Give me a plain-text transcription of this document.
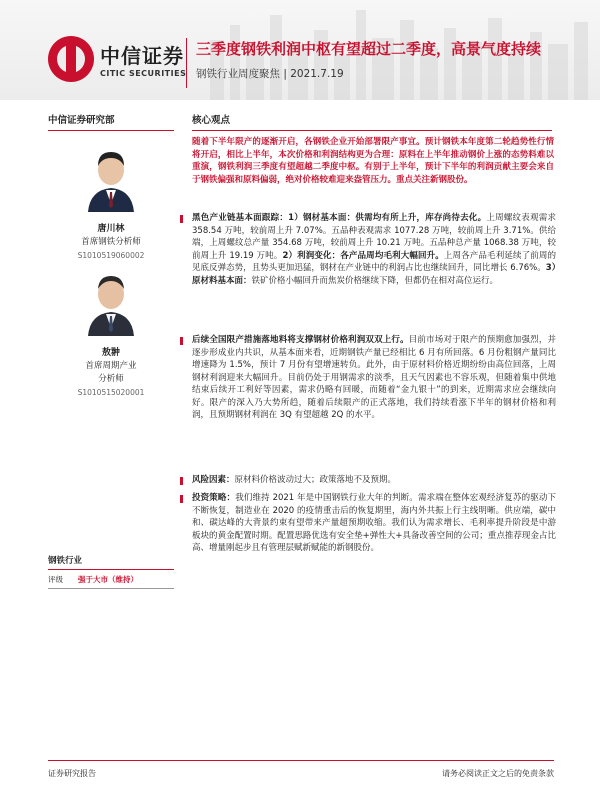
中信证券
CITIC SECURITIES
三季度钢铁利润中枢有望超过二季度，高景气度持续
钢铁行业周度聚焦 | 2021.7.19
中信证券研究部
唐川林
首席钢铁分析师
S1010519060002
敖翀
首席周期产业
分析师
S1010515020001
钢铁行业
评级	强于大市（维持）
核心观点
随着下半年限产的逐渐开启，各钢铁企业开始部署限产事宜。预计钢铁本年度第二轮趋势性行情将开启，相比上半年，本次价格和利润结构更为合理：原料在上半年推动钢价上涨的态势料难以重演，钢铁利润三季度有望超越二季度中枢。有别于上半年，预计下半年的利润贡献主要会来自于钢铁偏强和原料偏弱，绝对价格较难迎来盎管压力。重点关注新钢股份。
黑色产业链基本面跟踪：1）钢材基本面：供需均有所上升，库存尚待去化。上周螺纹表观需求 358.54 万吨，较前周上升 7.07%。五品种表观需求 1077.28 万吨，较前周上升 3.71%。供给端，上周螺纹总产量 354.68 万吨，较前周上升 10.21 万吨。五品种总产量 1068.38 万吨，较前周上升 19.19 万吨。2）利润变化：各产品周均毛利大幅回升。上周各产品毛利延续了前周的见底反弹态势，且势头更加迅猛，钢材在产业链中的利润占比也继续回升，同比增长 6.76%。3）原材料基本面：铁矿价格小幅回升而焦炭价格继续下降，但都仍在相对高位运行。
后续全国限产措施落地料将支撑钢材价格利润双双上行。目前市场对于限产的预期愈加强烈，并逐步形成业内共识，从基本面来看，近期钢铁产量已经相比 6 月有所回落。6 月份粗钢产量同比增速降为 1.5%，预计 7 月份有望增速转负。此外，由于原材料价格近期纷纷由高位回落，上周钢材利润迎来大幅回升。目前仍处于用钢需求的淡季，且天气因素也不容乐观，但随着集中供地结束后续开工利好等因素，需求仍略有回暖，而随着“金九银十”的到来，近期需求应会继续向好。限产的深入乃大势所趋，随着后续限产的正式落地，我们持续看涨下半年的钢材价格和利润，且预期钢材利润在 3Q 有望超越 2Q 的水平。
风险因素：原材料价格波动过大；政策落地不及预期。
投资策略：我们维持 2021 年是中国钢铁行业大年的判断。需求端在整体宏观经济复苏的驱动下不断恢复，制造业在 2020 的疫情重击后的恢复期里，海内外共振上行主线明晰。供应端，碳中和、碳达峰的大背景约束有望带来产量超预期收缩。我们认为需求增长、毛利率提升阶段是中游板块的黄金配置时期。配置思路优选有安全垫+弹性大+具备改善空间的公司；重点推荐现金占比高、增量刚起步且有管理层赋新赋能的新钢股份。
证券研究报告	请务必阅读正文之后的免责条款
